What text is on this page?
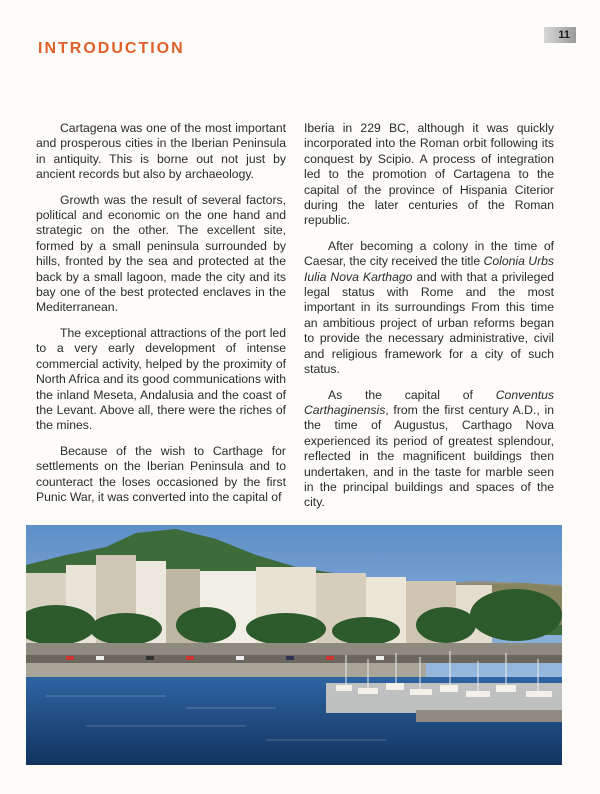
11
INTRODUCTION

Cartagena was one of the most important and prosperous cities in the Iberian Peninsula in antiquity. This is borne out not just by ancient records but also by archaeology.

Growth was the result of several factors, political and economic on the one hand and strategic on the other. The excellent site, formed by a small peninsula surrounded by hills, fronted by the sea and protected at the back by a small lagoon, made the city and its bay one of the best protected enclaves in the Mediterranean.

The exceptional attractions of the port led to a very early development of intense commercial activity, helped by the proximity of North Africa and its good communications with the inland Meseta, Andalusia and the coast of the Levant. Above all, there were the riches of the mines.

Because of the wish to Carthage for settlements on the Iberian Peninsula and to counteract the loses occasioned by the first Punic War, it was converted into the capital of

Iberia in 229 BC, although it was quickly incorporated into the Roman orbit following its conquest by Scipio. A process of integration led to the promotion of Cartagena to the capital of the province of Hispania Citerior during the later centuries of the Roman republic.

After becoming a colony in the time of Caesar, the city received the title Colonia Urbs Iulia Nova Karthago and with that a privileged legal status with Rome and the most important in its surroundings From this time an ambitious project of urban reforms began to provide the necessary administrative, civil and religious framework for a city of such status.

As the capital of Conventus Carthaginensis, from the first century A.D., in the time of Augustus, Carthago Nova experienced its period of greatest splendour, reflected in the magnificent buildings then undertaken, and in the taste for marble seen in the principal buildings and spaces of the city.
